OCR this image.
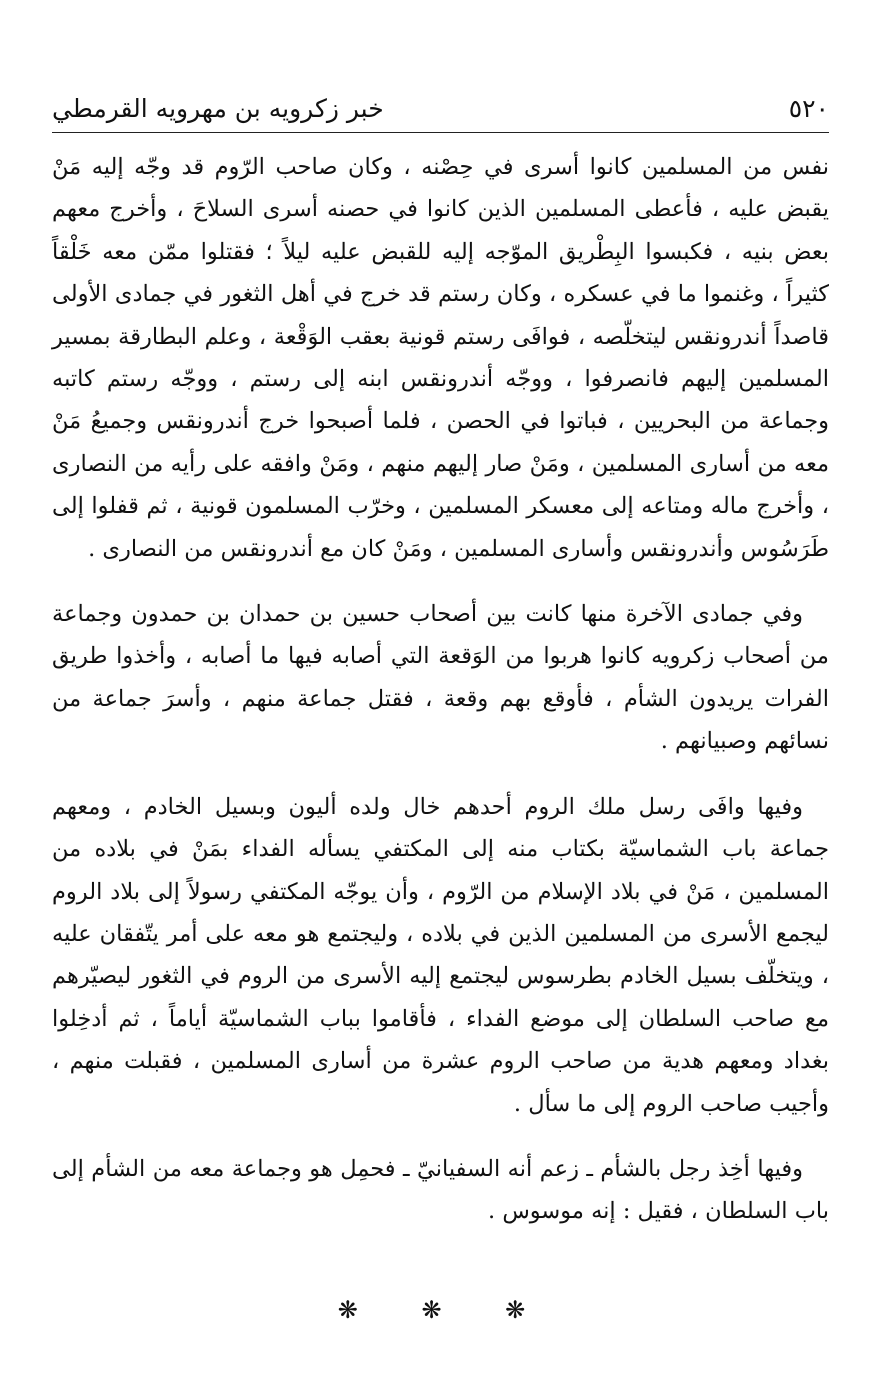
٥٢٠
خبر زكرويه بن مهرويه القرمطي

نفس من المسلمين كانوا أسرى في حِصْنه ، وكان صاحب الرّوم قد وجّه إليه مَنْ يقبض عليه ، فأعطى المسلمين الذين كانوا في حصنه أسرى السلاحَ ، وأخرج معهم بعض بنيه ، فكبسوا البِطْريق الموّجه إليه للقبض عليه ليلاً ؛ فقتلوا ممّن معه خَلْقاً كثيراً ، وغنموا ما في عسكره ، وكان رستم قد خرج في أهل الثغور في جمادى الأولى قاصداً أندرونقس ليتخلّصه ، فوافَى رستم قونية بعقب الوَقْعة ، وعلم البطارقة بمسير المسلمين إليهم فانصرفوا ، ووجّه أندرونقس ابنه إلى رستم ، ووجّه رستم كاتبه وجماعة من البحريين ، فباتوا في الحصن ، فلما أصبحوا خرج أندرونقس وجميعُ مَنْ معه من أسارى المسلمين ، ومَنْ صار إليهم منهم ، ومَنْ وافقه على رأيه من النصارى ، وأخرج ماله ومتاعه إلى معسكر المسلمين ، وخرّب المسلمون قونية ، ثم قفلوا إلى طَرَسُوس وأندرونقس وأسارى المسلمين ، ومَنْ كان مع أندرونقس من النصارى .

وفي جمادى الآخرة منها كانت بين أصحاب حسين بن حمدان بن حمدون وجماعة من أصحاب زكرويه كانوا هربوا من الوَقعة التي أصابه فيها ما أصابه ، وأخذوا طريق الفرات يريدون الشأم ، فأوقع بهم وقعة ، فقتل جماعة منهم ، وأسرَ جماعة من نسائهم وصبيانهم .

وفيها وافَى رسل ملك الروم أحدهم خال ولده أليون وبسيل الخادم ، ومعهم جماعة باب الشماسيّة بكتاب منه إلى المكتفي يسأله الفداء بمَنْ في بلاده من المسلمين ، مَنْ في بلاد الإسلام من الرّوم ، وأن يوجّه المكتفي رسولاً إلى بلاد الروم ليجمع الأسرى من المسلمين الذين في بلاده ، وليجتمع هو معه على أمر يتّفقان عليه ، ويتخلّف بسيل الخادم بطرسوس ليجتمع إليه الأسرى من الروم في الثغور ليصيّرهم مع صاحب السلطان إلى موضع الفداء ، فأقاموا بباب الشماسيّة أياماً ، ثم أدخِلوا بغداد ومعهم هدية من صاحب الروم عشرة من أسارى المسلمين ، فقبلت منهم ، وأجيب صاحب الروم إلى ما سأل .

وفيها أخِذ رجل بالشأم ـ زعم أنه السفيانيّ ـ فحمِل هو وجماعة معه من الشأم إلى باب السلطان ، فقيل : إنه موسوس .

❋ ❋ ❋
